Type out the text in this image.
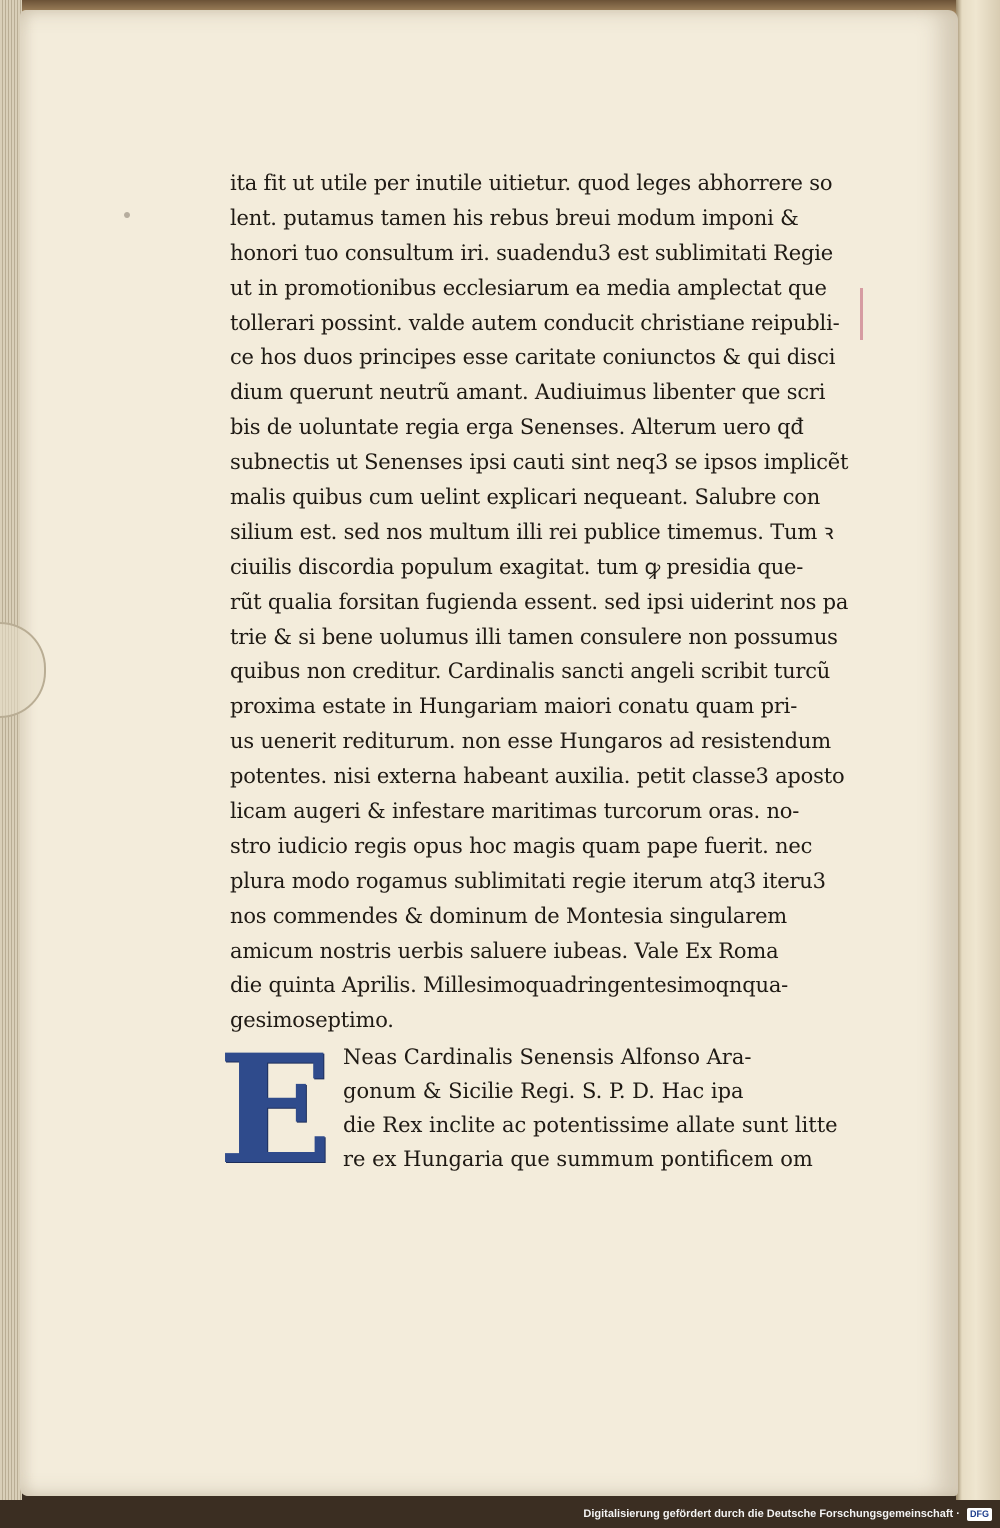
ita fit ut utile per inutile uitietur. quod leges abhorrere so
lent. putamus tamen his rebus breui modum imponi &
honori tuo consultum iri. suadendu3 est sublimitati Regie
ut in promotionibus ecclesiarum ea media amplectat que
tollerari possint. valde autem conducit christiane reipubli-
ce hos duos principes esse caritate coniunctos & qui disci
dium querunt neutrũ amant. Audiuimus libenter que scri
bis de uoluntate regia erga Senenses. Alterum uero qđ
subnectis ut Senenses ipsi cauti sint neq3 se ipsos implicẽt
malis quibus cum uelint explicari nequeant. Salubre con
silium est. sed nos multum illi rei publice timemus. Tum ꝛ
ciuilis discordia populum exagitat. tum ꝙ presidia que-
rũt qualia forsitan fugienda essent. sed ipsi uiderint nos pa
trie & si bene uolumus illi tamen consulere non possumus
quibus non creditur. Cardinalis sancti angeli scribit turcũ
proxima estate in Hungariam maiori conatu quam pri-
us uenerit rediturum. non esse Hungaros ad resistendum
potentes. nisi externa habeant auxilia. petit classe3 aposto
licam augeri & infestare maritimas turcorum oras. no-
stro iudicio regis opus hoc magis quam pape fuerit. nec
plura modo rogamus sublimitati regie iterum atq3 iteru3
nos commendes & dominum de Montesia singularem
amicum nostris uerbis saluere iubeas. Vale Ex Roma
die quinta Aprilis. Millesimoquadringentesimoqnqua-
gesimoseptimo.
E Neas Cardinalis Senensis Alfonso Ara-
gonum & Sicilie Regi. S. P. D. Hac ipa
die Rex inclite ac potentissime allate sunt litte
re ex Hungaria que summum pontificem om
Digitalisierung gefördert durch die Deutsche Forschungsgemeinschaft · DFG
